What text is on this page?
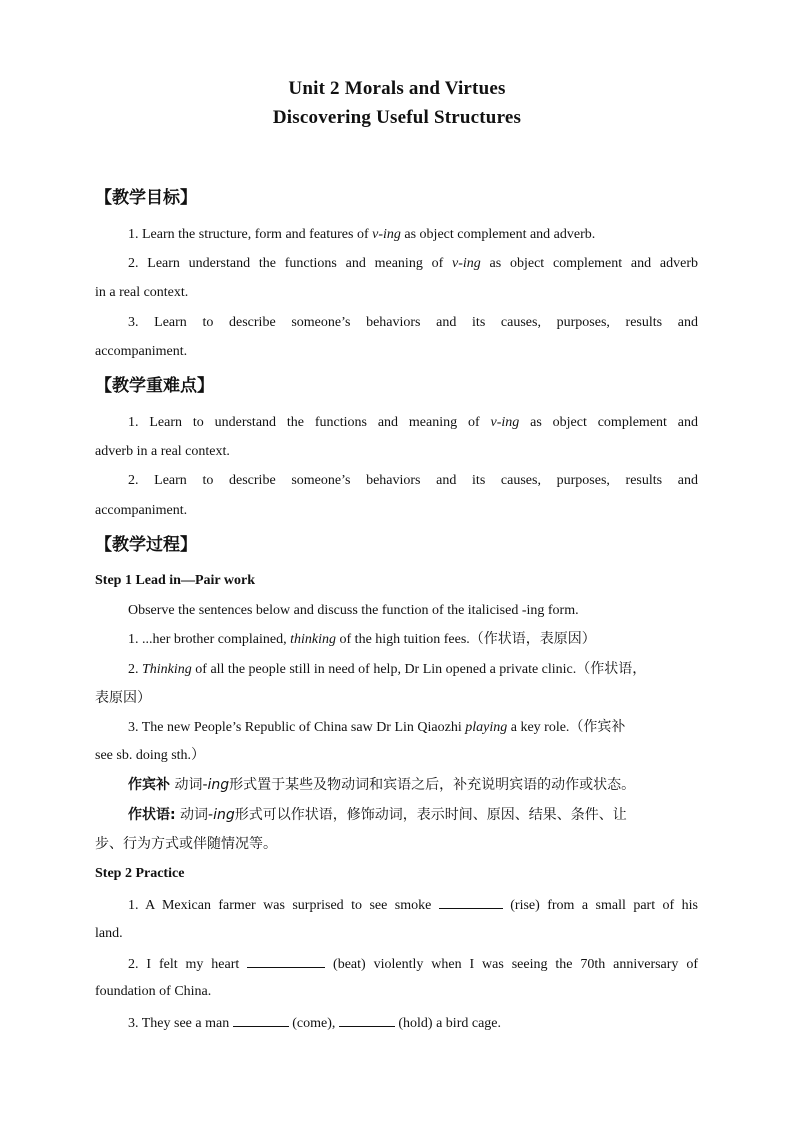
Unit 2 Morals and Virtues
Discovering Useful Structures
【教学目标】
1. Learn the structure, form and features of v-ing as object complement and adverb.
2. Learn understand the functions and meaning of v-ing as object complement and adverb
in a real context.
3. Learn to describe someone’s behaviors and its causes, purposes, results and
accompaniment.
【教学重难点】
1. Learn to understand the functions and meaning of v-ing as object complement and
adverb in a real context.
2. Learn to describe someone’s behaviors and its causes, purposes, results and
accompaniment.
【教学过程】
Step 1 Lead in—Pair work
Observe the sentences below and discuss the function of the italicised -ing form.
1. ...her brother complained, thinking of the high tuition fees.（作状语，表原因）
2. Thinking of all the people still in need of help, Dr Lin opened a private clinic.（作状语，
表原因）
3. The new People’s Republic of China saw Dr Lin Qiaozhi playing a key role.（作宾补
see sb. doing sth.）
作宾补 动词-ing形式置于某些及物动词和宾语之后，补充说明宾语的动作或状态。
作状语: 动词-ing形式可以作状语，修饰动词，表示时间、原因、结果、条件、让
步、行为方式或伴随情况等。
Step 2 Practice
1. A Mexican farmer was surprised to see smoke	(rise) from a small part of his
land.
2. I felt my heart	(beat) violently when I was seeing the 70th anniversary of
foundation of China.
3. They see a man	(come),	(hold) a bird cage.
